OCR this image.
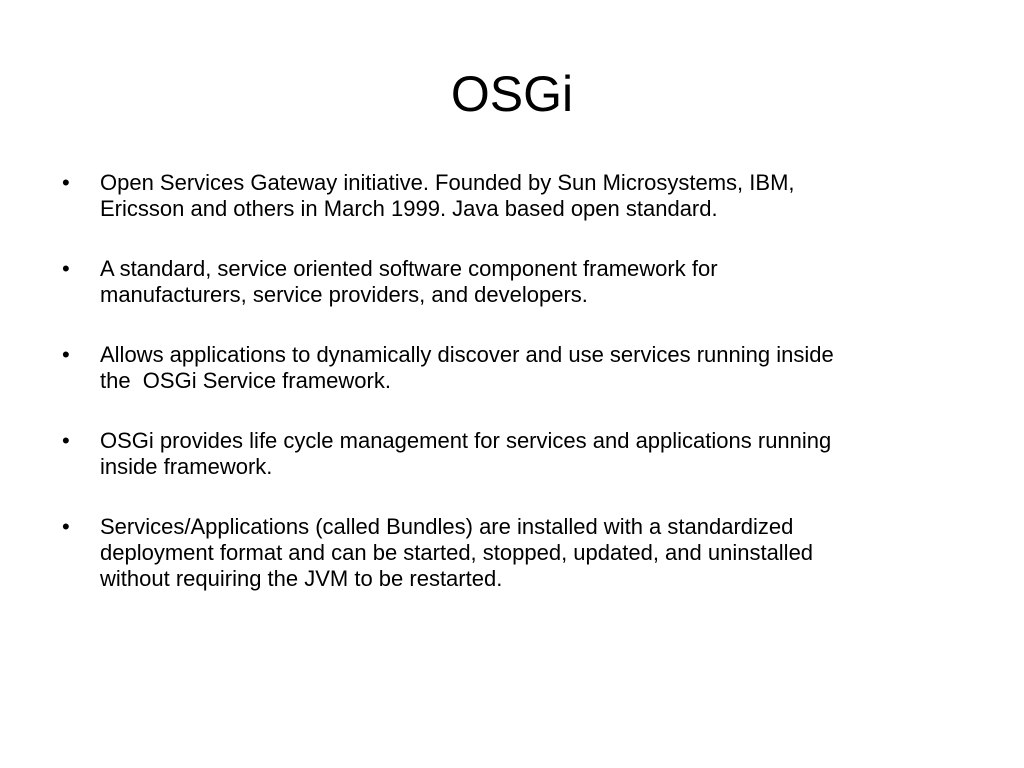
OSGi
•	Open Services Gateway initiative. Founded by Sun Microsystems, IBM,
Ericsson and others in March 1999. Java based open standard.
•	A standard, service oriented software component framework for
manufacturers, service providers, and developers.
•	Allows applications to dynamically discover and use services running inside
the  OSGi Service framework.
•	OSGi provides life cycle management for services and applications running
inside framework.
•	Services/Applications (called Bundles) are installed with a standardized
deployment format and can be started, stopped, updated, and uninstalled
without requiring the JVM to be restarted.
